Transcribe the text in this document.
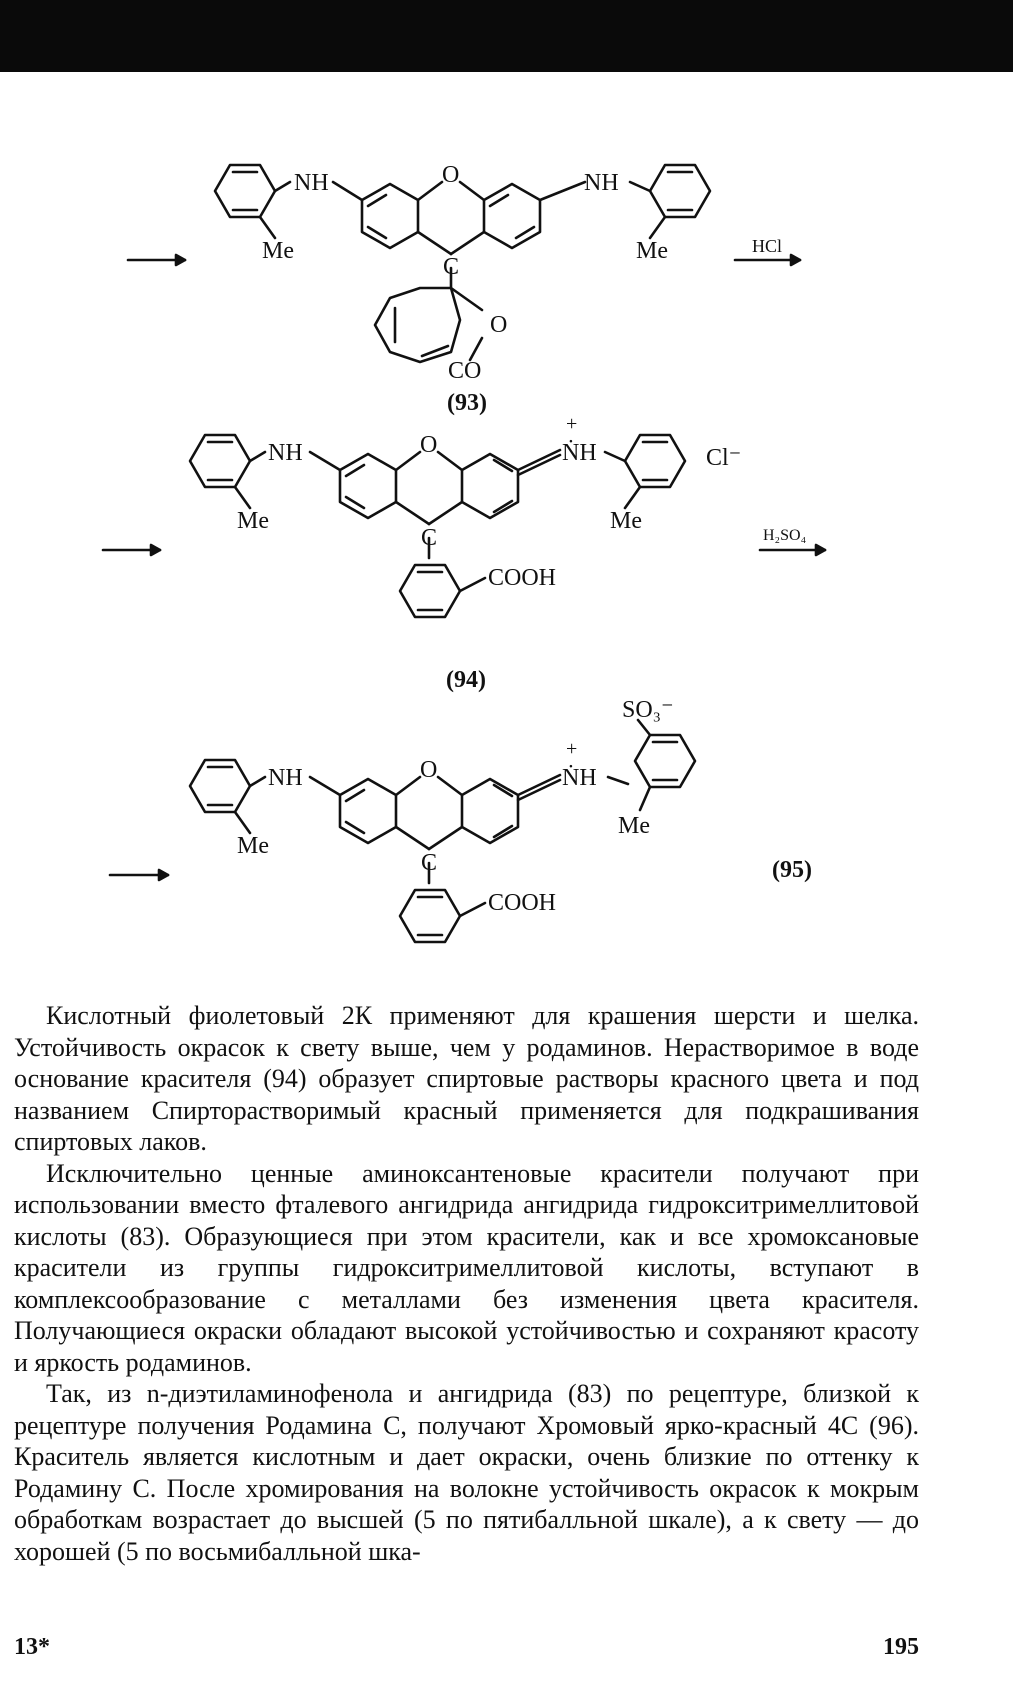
NH
Me
O	NH
Me
C
O
CO
HCl
(93)
NH
Me
O
+
ṄH	Cl⁻
Me
C
COOH
H₂SO₄
(94)
SO₃⁻
NH
Me
O
+
ṄH
Me
C
COOH
(95)

Кислотный фиолетовый 2К применяют для крашения шерсти и шелка. Устойчивость окрасок к свету выше, чем у родаминов. Нерастворимое в воде основание красителя (94) образует спиртовые растворы красного цвета и под названием Спирторастворимый красный применяется для подкрашивания спиртовых лаков.

Исключительно ценные аминоксантеновые красители получают при использовании вместо фталевого ангидрида ангидрида гидрокситримеллитовой кислоты (83). Образующиеся при этом красители, как и все хромоксановые красители из группы гидрокситримеллитовой кислоты, вступают в комплексообразование с металлами без изменения цвета красителя. Получающиеся окраски обладают высокой устойчивостью и сохраняют красоту и яркость родаминов.

Так, из n-диэтиламинофенола и ангидрида (83) по рецептуре, близкой к рецептуре получения Родамина С, получают Хромовый ярко-красный 4С (96). Краситель является кислотным и дает окраски, очень близкие по оттенку к Родамину С. После хромирования на волокне устойчивость окрасок к мокрым обработкам возрастает до высшей (5 по пятибалльной шкале), а к свету — до хорошей (5 по восьмибалльной шка-

13*	195
